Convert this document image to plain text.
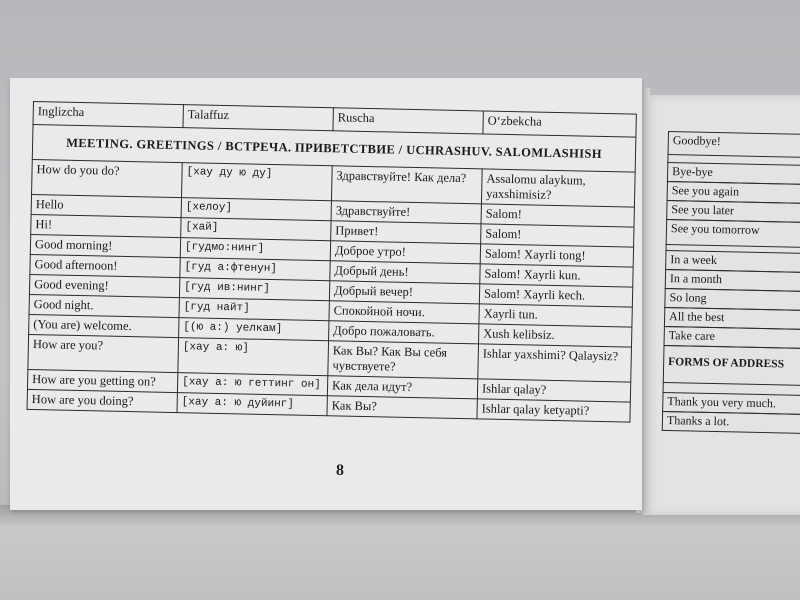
Inglizcha	Talaffuz	Ruscha	O‘zbekcha
MEETING. GREETINGS / ВСТРЕЧА. ПРИВЕТСТВИЕ / UCHRASHUV. SALOMLASHISH			
How do you do?	[хау ду ю ду]	Здравствуйте! Как дела?	Assalomu alaykum, yaxshimisiz?
Hello	[хелоу]	Здравствуйте!	Salom!
Hi!	[хай]	Привет!	Salom!
Good morning!	[гудмо:нинг]	Доброе утро!	Salom! Xayrli tong!
Good afternoon!	[гуд а:фтенун]	Добрый день!	Salom! Xayrli kun.
Good evening!	[гуд ив:нинг]	Добрый вечер!	Salom! Xayrli kech.
Good night.	[гуд найт]	Спокойной ночи.	Xayrli tun.
(You are) welcome.	[(ю а:) уелкам]	Добро пожаловать.	Xush kelibsiz.
How are you?	[хау а: ю]	Как Вы? Как Вы себя чувствуете?	Ishlar yaxshimi? Qalaysiz?
How are you getting on?	[хау а: ю геттинг он]	Как дела идут?	Ishlar qalay?
How are you doing?	[хау а: ю дуйинг]	Как Вы?	Ishlar qalay ketyapti?
8
Goodbye!
Bye-bye
See you again
See you later
See you tomorrow
In a week
In a month
So long
All the best
Take care
FORMS OF ADDRESS
Thank you very much.
Thanks a lot.
